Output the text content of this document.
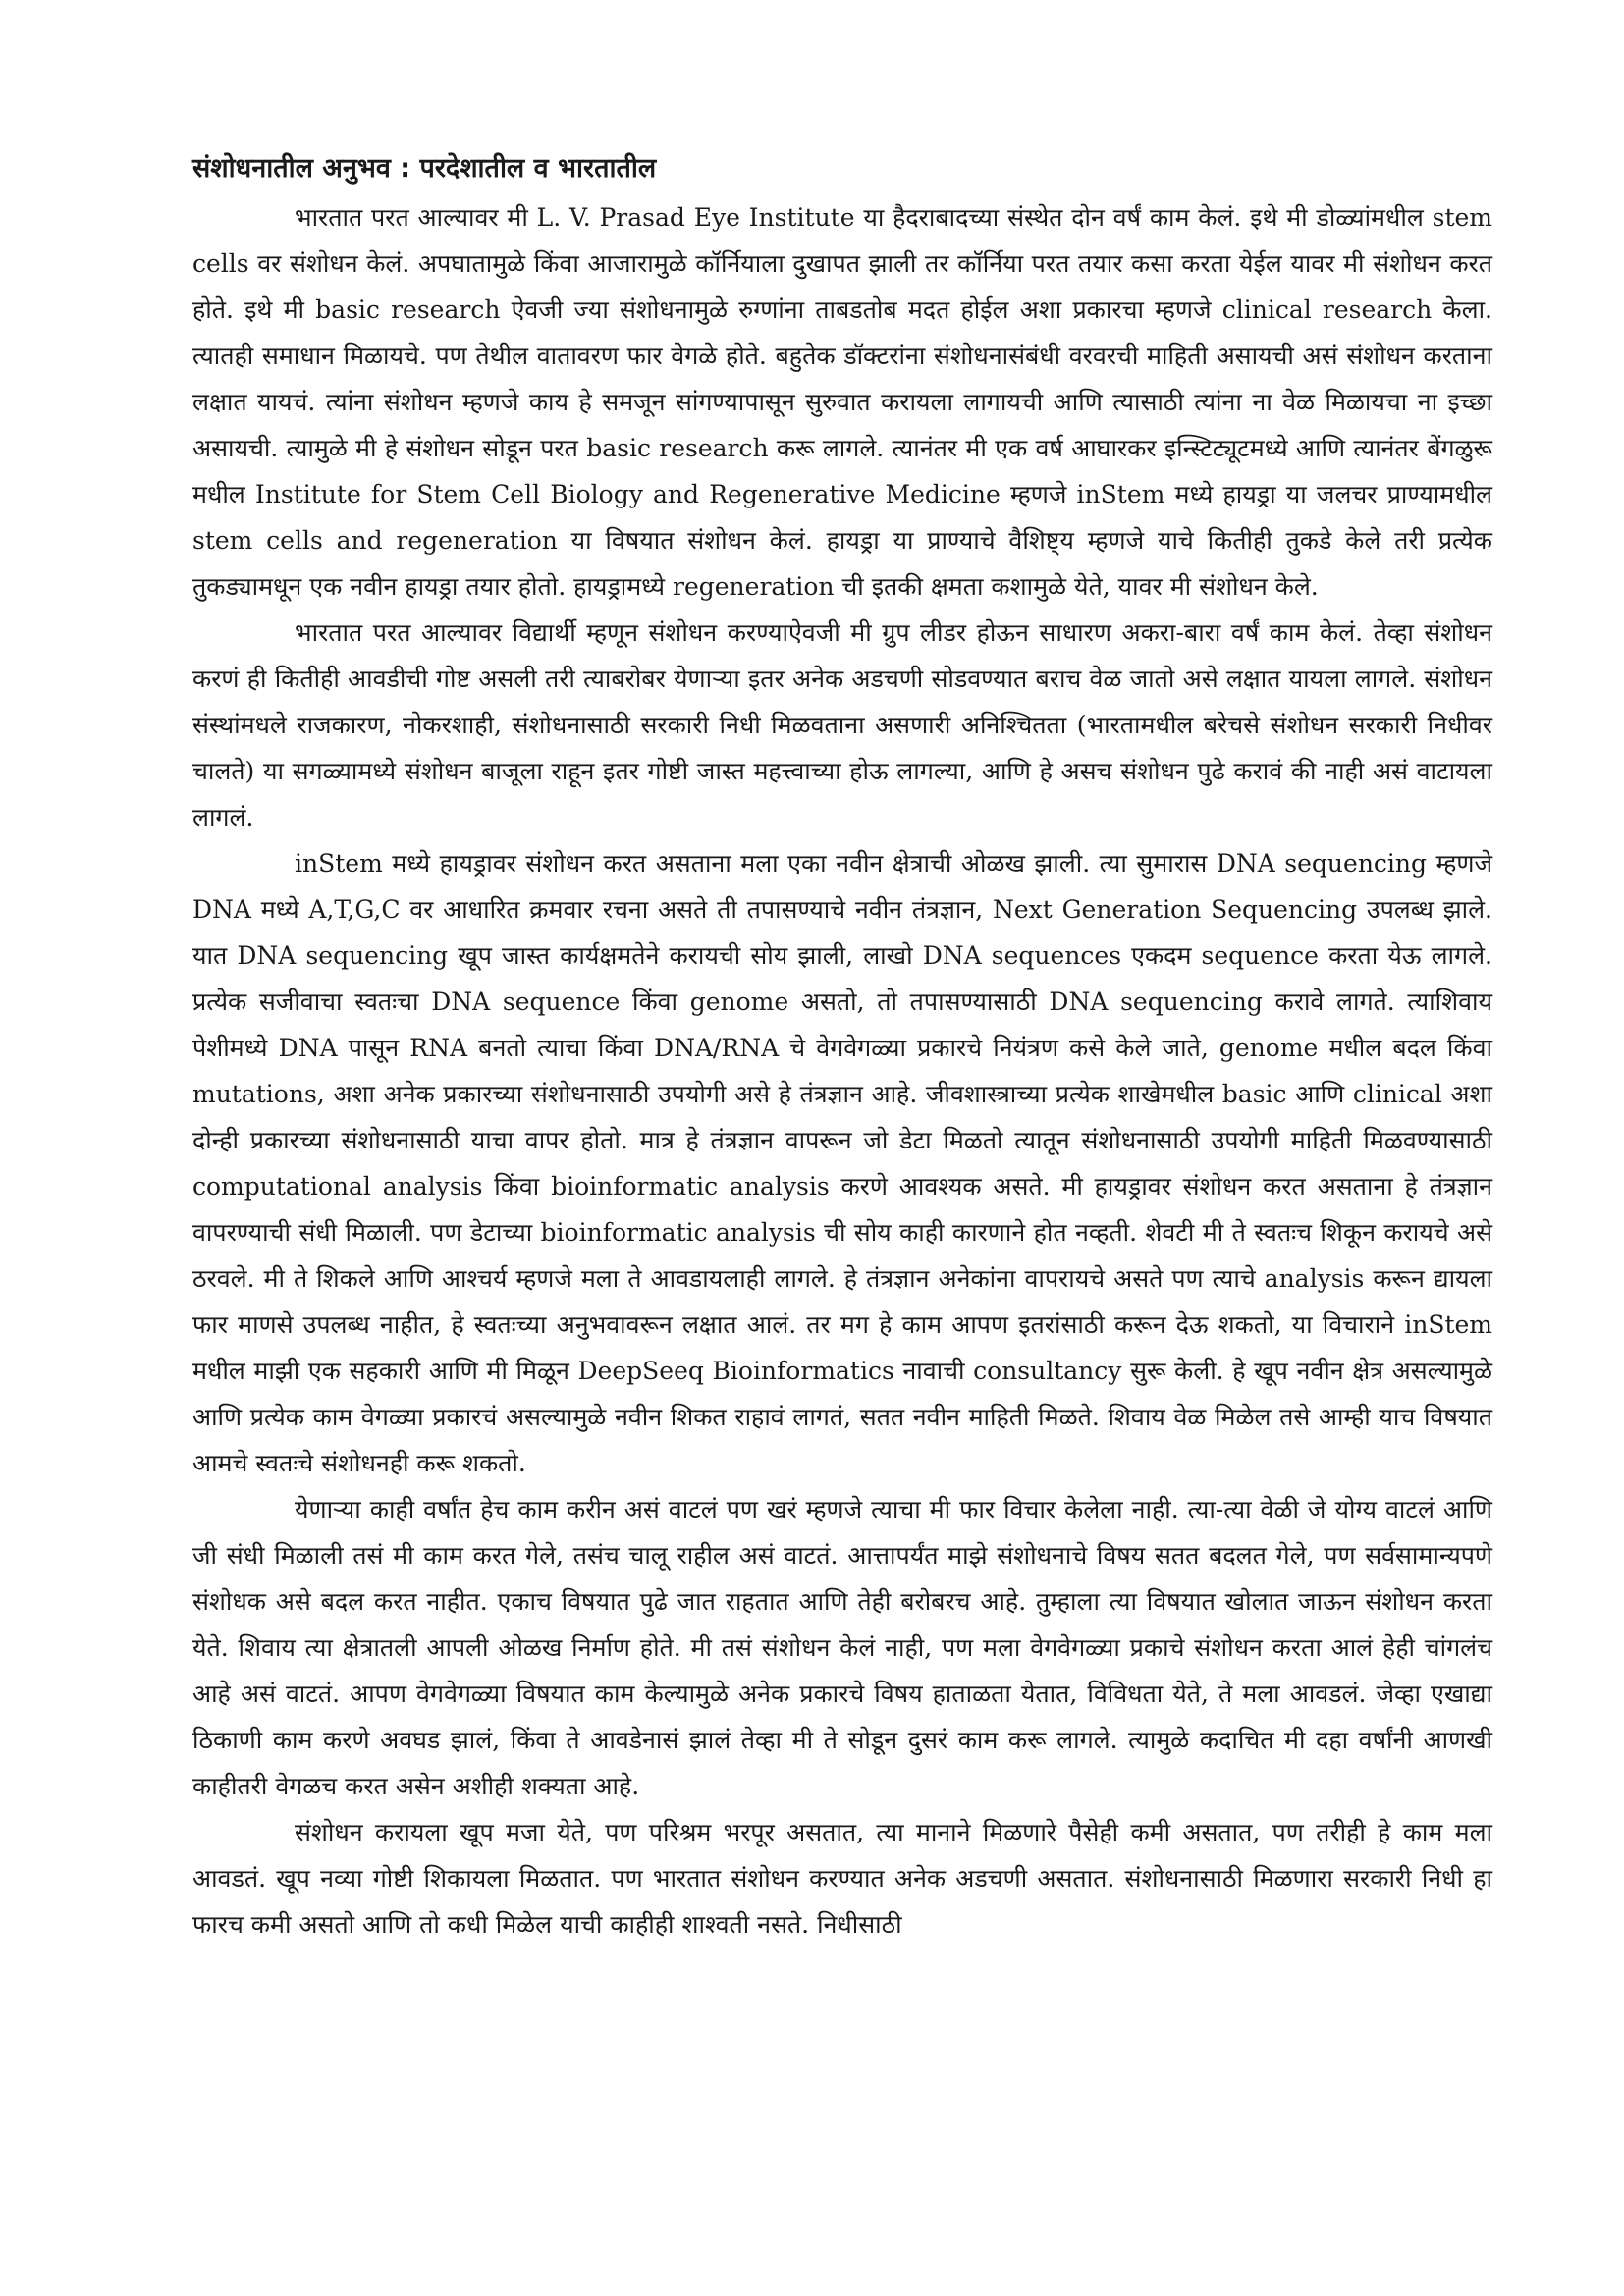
संशोधनातील अनुभव : परदेशातील व भारतातील

भारतात परत आल्यावर मी L. V. Prasad Eye Institute या हैदराबादच्या संस्थेत दोन वर्षं काम केलं. इथे मी डोळ्यांमधील stem cells वर संशोधन केलं. अपघातामुळे किंवा आजारामुळे कॉर्नियाला दुखापत झाली तर कॉर्निया परत तयार कसा करता येईल यावर मी संशोधन करत होते. इथे मी basic research ऐवजी ज्या संशोधनामुळे रुग्णांना ताबडतोब मदत होईल अशा प्रकारचा म्हणजे clinical research केला. त्यातही समाधान मिळायचे. पण तेथील वातावरण फार वेगळे होते. बहुतेक डॉक्टरांना संशोधनासंबंधी वरवरची माहिती असायची असं संशोधन करताना लक्षात यायचं. त्यांना संशोधन म्हणजे काय हे समजून सांगण्यापासून सुरुवात करायला लागायची आणि त्यासाठी त्यांना ना वेळ मिळायचा ना इच्छा असायची. त्यामुळे मी हे संशोधन सोडून परत basic research करू लागले. त्यानंतर मी एक वर्ष आघारकर इन्स्टिट्यूटमध्ये आणि त्यानंतर बेंगळुरू मधील Institute for Stem Cell Biology and Regenerative Medicine म्हणजे inStem मध्ये हायड्रा या जलचर प्राण्यामधील stem cells and regeneration या विषयात संशोधन केलं. हायड्रा या प्राण्याचे वैशिष्ट्य म्हणजे याचे कितीही तुकडे केले तरी प्रत्येक तुकड्यामधून एक नवीन हायड्रा तयार होतो. हायड्रामध्ये regeneration ची इतकी क्षमता कशामुळे येते, यावर मी संशोधन केले.

भारतात परत आल्यावर विद्यार्थी म्हणून संशोधन करण्याऐवजी मी ग्रुप लीडर होऊन साधारण अकरा-बारा वर्षं काम केलं. तेव्हा संशोधन करणं ही कितीही आवडीची गोष्ट असली तरी त्याबरोबर येणाऱ्या इतर अनेक अडचणी सोडवण्यात बराच वेळ जातो असे लक्षात यायला लागले. संशोधन संस्थांमधले राजकारण, नोकरशाही, संशोधनासाठी सरकारी निधी मिळवताना असणारी अनिश्चितता (भारतामधील बरेचसे संशोधन सरकारी निधीवर चालते) या सगळ्यामध्ये संशोधन बाजूला राहून इतर गोष्टी जास्त महत्त्वाच्या होऊ लागल्या, आणि हे असच संशोधन पुढे करावं की नाही असं वाटायला लागलं.

inStem मध्ये हायड्रावर संशोधन करत असताना मला एका नवीन क्षेत्राची ओळख झाली. त्या सुमारास DNA sequencing म्हणजे DNA मध्ये A,T,G,C वर आधारित क्रमवार रचना असते ती तपासण्याचे नवीन तंत्रज्ञान, Next Generation Sequencing उपलब्ध झाले. यात DNA sequencing खूप जास्त कार्यक्षमतेने करायची सोय झाली, लाखो DNA sequences एकदम sequence करता येऊ लागले. प्रत्येक सजीवाचा स्वतःचा DNA sequence किंवा genome असतो, तो तपासण्यासाठी DNA sequencing करावे लागते. त्याशिवाय पेशीमध्ये DNA पासून RNA बनतो त्याचा किंवा DNA/RNA चे वेगवेगळ्या प्रकारचे नियंत्रण कसे केले जाते, genome मधील बदल किंवा mutations, अशा अनेक प्रकारच्या संशोधनासाठी उपयोगी असे हे तंत्रज्ञान आहे. जीवशास्त्राच्या प्रत्येक शाखेमधील basic आणि clinical अशा दोन्ही प्रकारच्या संशोधनासाठी याचा वापर होतो. मात्र हे तंत्रज्ञान वापरून जो डेटा मिळतो त्यातून संशोधनासाठी उपयोगी माहिती मिळवण्यासाठी computational analysis किंवा bioinformatic analysis करणे आवश्यक असते. मी हायड्रावर संशोधन करत असताना हे तंत्रज्ञान वापरण्याची संधी मिळाली. पण डेटाच्या bioinformatic analysis ची सोय काही कारणाने होत नव्हती. शेवटी मी ते स्वतःच शिकून करायचे असे ठरवले. मी ते शिकले आणि आश्चर्य म्हणजे मला ते आवडायलाही लागले. हे तंत्रज्ञान अनेकांना वापरायचे असते पण त्याचे analysis करून द्यायला फार माणसे उपलब्ध नाहीत, हे स्वतःच्या अनुभवावरून लक्षात आलं. तर मग हे काम आपण इतरांसाठी करून देऊ शकतो, या विचाराने inStem मधील माझी एक सहकारी आणि मी मिळून DeepSeeq Bioinformatics नावाची consultancy सुरू केली. हे खूप नवीन क्षेत्र असल्यामुळे आणि प्रत्येक काम वेगळ्या प्रकारचं असल्यामुळे नवीन शिकत राहावं लागतं, सतत नवीन माहिती मिळते. शिवाय वेळ मिळेल तसे आम्ही याच विषयात आमचे स्वतःचे संशोधनही करू शकतो.

येणाऱ्या काही वर्षांत हेच काम करीन असं वाटलं पण खरं म्हणजे त्याचा मी फार विचार केलेला नाही. त्या-त्या वेळी जे योग्य वाटलं आणि जी संधी मिळाली तसं मी काम करत गेले, तसंच चालू राहील असं वाटतं. आत्तापर्यंत माझे संशोधनाचे विषय सतत बदलत गेले, पण सर्वसामान्यपणे संशोधक असे बदल करत नाहीत. एकाच विषयात पुढे जात राहतात आणि तेही बरोबरच आहे. तुम्हाला त्या विषयात खोलात जाऊन संशोधन करता येते. शिवाय त्या क्षेत्रातली आपली ओळख निर्माण होते. मी तसं संशोधन केलं नाही, पण मला वेगवेगळ्या प्रकाचे संशोधन करता आलं हेही चांगलंच आहे असं वाटतं. आपण वेगवेगळ्या विषयात काम केल्यामुळे अनेक प्रकारचे विषय हाताळता येतात, विविधता येते, ते मला आवडलं. जेव्हा एखाद्या ठिकाणी काम करणे अवघड झालं, किंवा ते आवडेनासं झालं तेव्हा मी ते सोडून दुसरं काम करू लागले. त्यामुळे कदाचित मी दहा वर्षांनी आणखी काहीतरी वेगळच करत असेन अशीही शक्यता आहे.

संशोधन करायला खूप मजा येते, पण परिश्रम भरपूर असतात, त्या मानाने मिळणारे पैसेही कमी असतात, पण तरीही हे काम मला आवडतं. खूप नव्या गोष्टी शिकायला मिळतात. पण भारतात संशोधन करण्यात अनेक अडचणी असतात. संशोधनासाठी मिळणारा सरकारी निधी हा फारच कमी असतो आणि तो कधी मिळेल याची काहीही शाश्वती नसते. निधीसाठी
